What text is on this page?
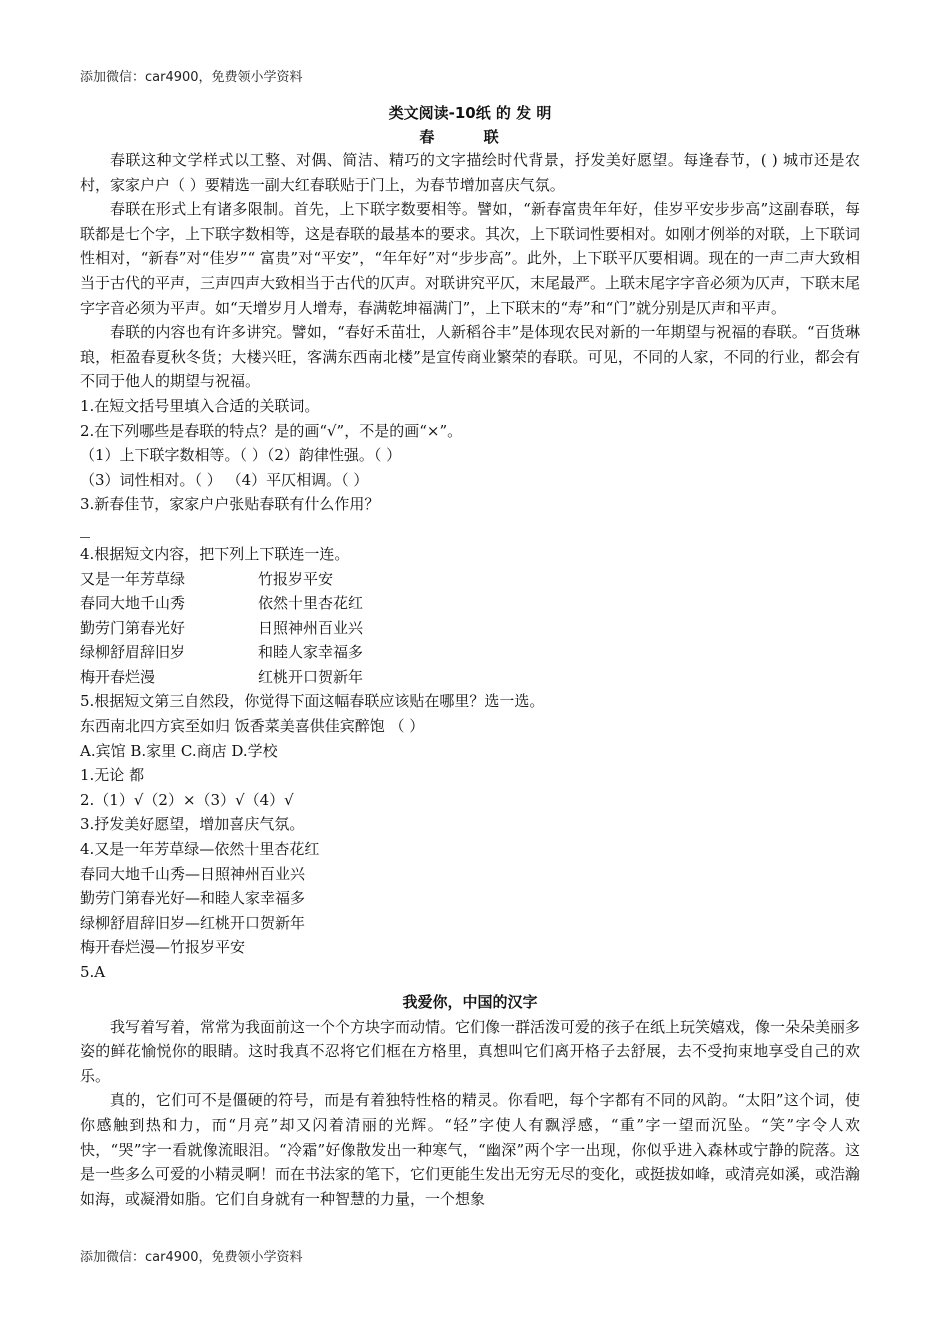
添加微信：car4900，免费领小学资料
类文阅读-10纸 的 发 明
春 联

春联这种文学样式以工整、对偶、简洁、精巧的文字描绘时代背景，抒发美好愿望。每逢春节，( ) 城市还是农村，家家户户（ ）要精选一副大红春联贴于门上，为春节增加喜庆气氛。

春联在形式上有诸多限制。首先，上下联字数要相等。譬如，“新春富贵年年好，佳岁平安步步高”这副春联，每联都是七个字，上下联字数相等，这是春联的最基本的要求。其次，上下联词性要相对。如刚才例举的对联，上下联词性相对，“新春”对“佳岁”“ 富贵”对“平安”，“年年好”对“步步高”。此外，上下联平仄要相调。现在的一声二声大致相当于古代的平声，三声四声大致相当于古代的仄声。对联讲究平仄，末尾最严。上联末尾字字音必须为仄声，下联末尾字字音必须为平声。如“天增岁月人增寿，春满乾坤福满门”，上下联末的“寿”和“门”就分别是仄声和平声。

春联的内容也有许多讲究。譬如，“春好禾苗壮，人新稻谷丰”是体现农民对新的一年期望与祝福的春联。“百货琳琅，柜盈春夏秋冬货；大楼兴旺，客满东西南北楼”是宣传商业繁荣的春联。可见，不同的人家，不同的行业，都会有不同于他人的期望与祝福。

1.在短文括号里填入合适的关联词。

2.在下列哪些是春联的特点？是的画“√”，不是的画“×”。

（1）上下联字数相等。（ ）（2）韵律性强。（ ）

（3）词性相对。（ ） （4）平仄相调。（ ）

3.新春佳节，家家户户张贴春联有什么作用？

4.根据短文内容，把下列上下联连一连。

又是一年芳草绿	竹报岁平安
春同大地千山秀	依然十里杏花红
勤劳门第春光好	日照神州百业兴
绿柳舒眉辞旧岁	和睦人家幸福多
梅开春烂漫	红桃开口贺新年

5.根据短文第三自然段，你觉得下面这幅春联应该贴在哪里？选一选。

东西南北四方宾至如归 饭香菜美喜供佳宾醉饱 （ ）

A.宾馆 B.家里 C.商店 D.学校

1.无论 都

2.（1）√（2）×（3）√（4）√

3.抒发美好愿望，增加喜庆气氛。

4.又是一年芳草绿—依然十里杏花红

春同大地千山秀—日照神州百业兴

勤劳门第春光好—和睦人家幸福多

绿柳舒眉辞旧岁—红桃开口贺新年

梅开春烂漫—竹报岁平安

5.A

我爱你，中国的汉字

我写着写着，常常为我面前这一个个方块字而动情。它们像一群活泼可爱的孩子在纸上玩笑嬉戏，像一朵朵美丽多姿的鲜花愉悦你的眼睛。这时我真不忍将它们框在方格里，真想叫它们离开格子去舒展，去不受拘束地享受自己的欢乐。

真的，它们可不是僵硬的符号，而是有着独特性格的精灵。你看吧，每个字都有不同的风韵。“太阳”这个词，使你感触到热和力，而“月亮”却又闪着清丽的光辉。“轻”字使人有飘浮感，“重”字一望而沉坠。“笑”字令人欢快，“哭”字一看就像流眼泪。“冷霜”好像散发出一种寒气，“幽深”两个字一出现，你似乎进入森林或宁静的院落。这是一些多么可爱的小精灵啊！而在书法家的笔下，它们更能生发出无穷无尽的变化，或挺拔如峰，或清亮如溪，或浩瀚如海，或凝滑如脂。它们自身就有一种智慧的力量，一个想象

添加微信：car4900，免费领小学资料
